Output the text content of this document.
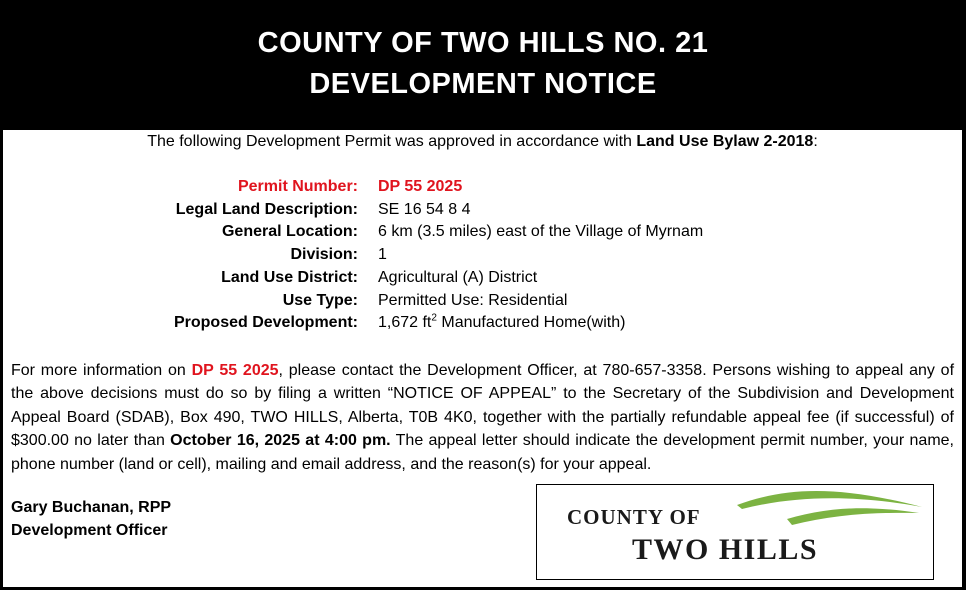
COUNTY OF TWO HILLS NO. 21
DEVELOPMENT NOTICE
The following Development Permit was approved in accordance with Land Use Bylaw 2-2018:
Permit Number: DP 55 2025
Legal Land Description: SE 16 54 8 4
General Location: 6 km (3.5 miles) east of the Village of Myrnam
Division: 1
Land Use District: Agricultural (A) District
Use Type: Permitted Use: Residential
Proposed Development: 1,672 $ft^2$ Manufactured Home(with)
For more information on DP 55 2025, please contact the Development Officer, at 780-657-3358. Persons wishing to appeal any of the above decisions must do so by filing a written “NOTICE OF APPEAL” to the Secretary of the Subdivision and Development Appeal Board (SDAB), Box 490, TWO HILLS, Alberta, T0B 4K0, together with the partially refundable appeal fee (if successful) of $300.00 no later than October 16, 2025 at 4:00 pm. The appeal letter should indicate the development permit number, your name, phone number (land or cell), mailing and email address, and the reason(s) for your appeal.
Gary Buchanan, RPP
Development Officer
COUNTY OF
TWO HILLS
